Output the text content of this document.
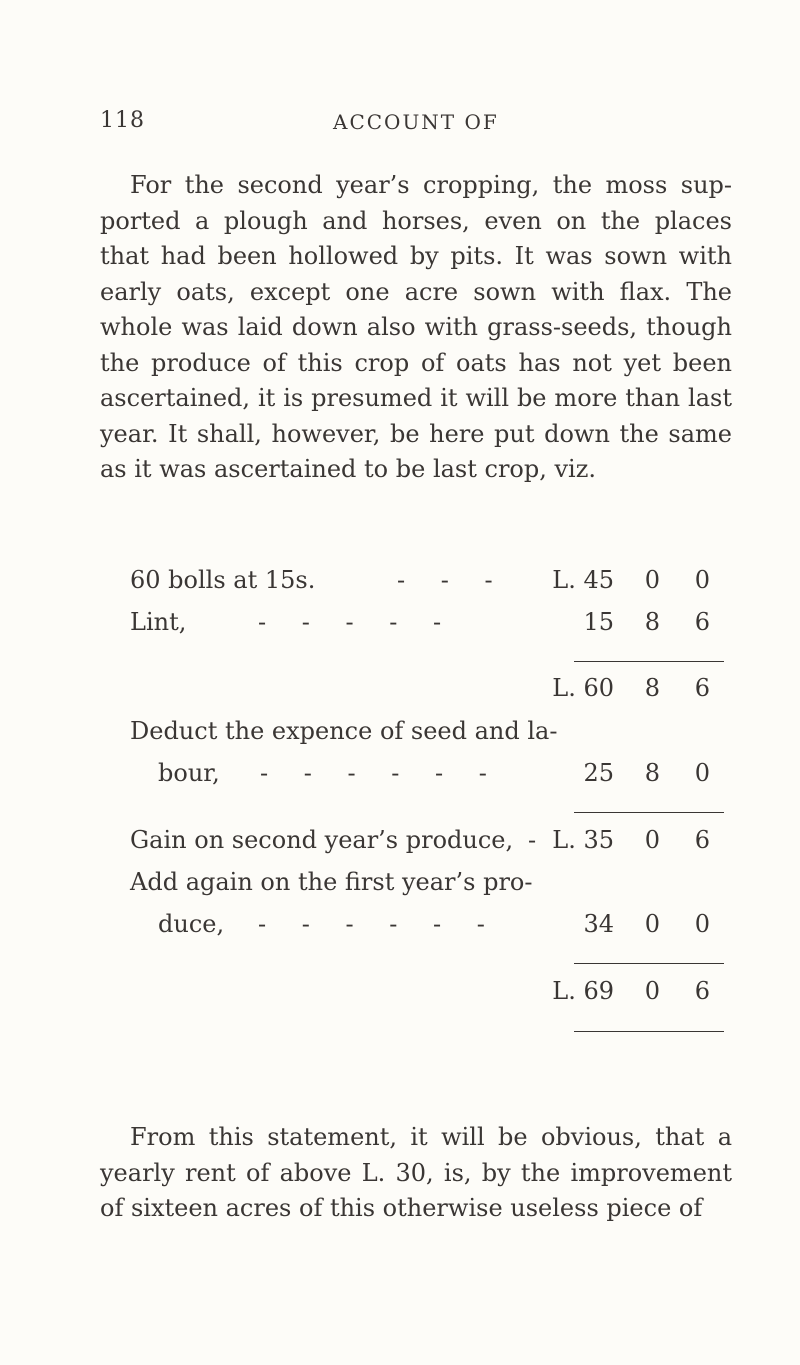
118	ACCOUNT OF

For the second year’s cropping, the moss supported a plough and horses, even on the places that had been hollowed by pits. It was sown with early oats, except one acre sown with flax. The whole was laid down also with grass-seeds, though the produce of this crop of oats has not yet been ascertained, it is presumed it will be more than last year. It shall, however, be here put down the same as it was ascertained to be last crop, viz.

60 bolls at 15s.	- - -	L. 45	0	0
Lint,	- - - - -	15	8	6
L. 60	8	6
Deduct the expence of seed and la-
bour, - - - - - -	25	8	0
Gain on second year’s produce, - L. 35	0	6
Add again on the first year’s pro-
duce, - - - - - -	34	0	0
L. 69	0	6

From this statement, it will be obvious, that a yearly rent of above L. 30, is, by the improvement of sixteen acres of this otherwise useless piece of
